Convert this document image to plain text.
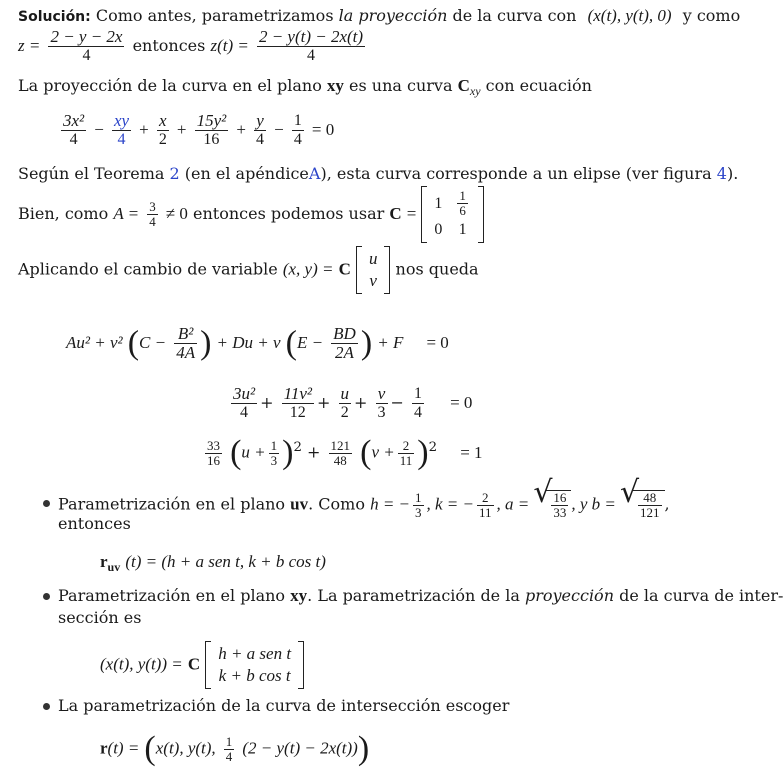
Solución: Como antes, parametrizamos la proyección de la curva con (x(t), y(t), 0) y como
$z = \frac{2 - y - 2x}{4}$ entonces $z(t) = \frac{2 - y(t) - 2x(t)}{4}$
La proyección de la curva en el plano xy es una curva $C_{xy}$ con ecuación
$\frac{\text{3x²}}{4} - \frac{xy}{4} + \frac{x}{2} + \frac{\text{15y²}}{16} + \frac{y}{4} - \frac{1}{4} = 0$
Según el Teorema 2 (en el apéndiceA), esta curva corresponde a un elipse (ver figura 4).
Bien, como $A = \frac{3}{4} \ne 0$ entonces podemos usar C =
1	$\frac{1}{6}$

0	1
Aplicando el cambio de variable (x, y) = C
u
v
nos queda
Au² + v² ($C - \frac{\text{B²}}{4A}$ ) + Du + v ($E - \frac{BD}{2A}$ ) + F = 0
$\frac{\text{3u²}}{4} + \frac{\text{11v²}}{12} + \frac{u}{2} + \frac{v}{3} - \frac{1}{4} = 0$
$\frac{33}{16} (u + \frac{1}{3} )^2 + \frac{121}{48} (v + \frac{2}{11} )^2 = 1$
Parametrización en el plano uv. Como h = − $\frac{1}{3}$ , k = − $\frac{2}{11}$ , a = √ $\frac{16}{33}$ , y b = √ $\frac{48}{121}$ ,
entonces
$r_{uv}$ (t) = (h + a sen t, k + b cos t)
Parametrización en el plano xy. La parametrización de la proyección de la curva de inter-
sección es
(x(t), y(t)) = C
h + a sen t
k + b cos t
La parametrización de la curva de intersección escoger
r(t) = (x(t), y(t), $\frac{1}{4} (2 - y(t) - 2x(t))$)
